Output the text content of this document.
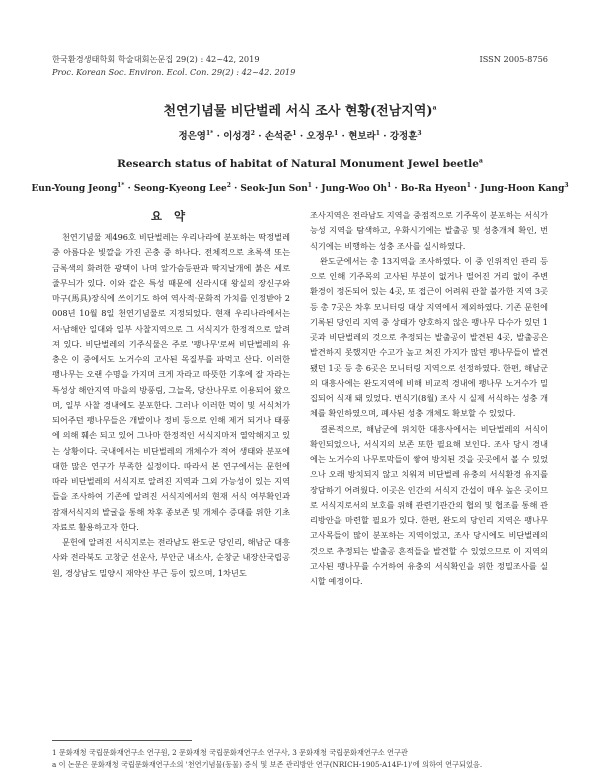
한국환경생태학회 학술대회논문집 29(2) : 42~42, 2019
Proc. Korean Soc. Environ. Ecol. Con. 29(2) : 42~42. 2019
ISSN 2005-8756
천연기념물 비단벌레 서식 조사 현황(전남지역)$^a$
정은영$^{1*}$ · 이성경$^2$ · 손석준$^1$ · 오정우$^1$ · 현보라$^1$ · 강정훈$^3$
Research status of habitat of Natural Monument Jewel beetle$^a$
Eun-Young Jeong$^{1*}$ · Seong-Kyeong Lee$^2$ · Seok-Jun Son$^1$ · Jung-Woo $Oh^1 \cdot Bo-Ra$ Hyeon$^1$ · Jung-Hoon Kang$^3$
요 약

천연기념물 제496호 비단벌레는 우리나라에 분포하는 딱정벌레 중 아름다운 빛깔을 가진 곤충 중 하나다. 전체적으로 초록색 또는 금록색의 화려한 광택이 나며 앞가슴등판과 딱지날개에 붉은 세로줄무늬가 있다. 이와 같은 특성 때문에 신라시대 왕실의 장신구와 마구(馬具)장식에 쓰이기도 하여 역사적·문화적 가치를 인정받아 2008년 10월 8일 천연기념물로 지정되었다. 현재 우리나라에서는 서·남해안 일대와 일부 사찰지역으로 그 서식지가 한정적으로 알려져 있다. 비단벌레의 기주식물은 주로 '팽나무'로써 비단벌레의 유충은 이 중에서도 노거수의 고사된 목질부를 파먹고 산다. 이러한 팽나무는 오랜 수명을 가지며 크게 자라고 따뜻한 기후에 잘 자라는 특성상 해안지역 마을의 방풍림, 그늘목, 당산나무로 이용되어 왔으며, 일부 사찰 경내에도 분포한다. 그러나 이러한 먹이 및 서식처가 되어주던 팽나무들은 개발이나 정비 등으로 인해 제거 되거나 태풍에 의해 훼손 되고 있어 그나마 한정적인 서식지마저 열악해지고 있는 상황이다. 국내에서는 비단벌레의 개체수가 적어 생태와 분포에 대한 많은 연구가 부족한 실정이다. 따라서 본 연구에서는 문헌에 따라 비단벌레의 서식지로 알려진 지역과 그외 가능성이 있는 지역들을 조사하여 기존에 알려진 서식지에서의 현재 서식 여부확인과 잠재서식지의 발굴을 통해 차후 종보존 및 개체수 증대를 위한 기초자료로 활용하고자 한다.

문헌에 알려진 서식지로는 전라남도 완도군 당인리, 해남군 대흥사와 전라북도 고창군 선운사, 부안군 내소사, 순창군 내장산국립공원, 경상남도 밀양시 재약산 부근 등이 있으며, 1차년도

조사지역은 전라남도 지역을 중점적으로 기주목이 분포하는 서식가능성 지역을 탐색하고, 우화시기에는 발출공 및 성충개체 확인, 번식기에는 비행하는 성충 조사를 실시하였다.

완도군에서는 총 13지역을 조사하였다. 이 중 인위적인 관리 등으로 인해 기주목의 고사된 부분이 없거나 떨어진 거리 없이 주변 환경이 정돈되어 있는 4곳, 또 접근이 어려워 관찰 불가한 지역 3곳 등 총 7곳은 차후 모니터링 대상 지역에서 제외하였다. 기존 문헌에 기록된 당인리 지역 중 상태가 양호하지 않은 팽나무 다수가 있던 1곳과 비단벌레의 것으로 추정되는 발출공이 발견된 4곳, 발출공은 발견하지 못했지만 수고가 높고 쳐진 가지가 많던 팽나무들이 발견됐던 1곳 등 총 6곳은 모니터링 지역으로 선정하였다. 한편, 해남군의 대흥사에는 완도지역에 비해 비교적 경내에 팽나무 노거수가 밀집되어 식재 돼 있었다. 번식기(8월) 조사 시 실제 서식하는 성충 개체를 확인하였으며, 폐사된 성충 개체도 확보할 수 있었다.

결론적으로, 해남군에 위치한 대흥사에서는 비단벌레의 서식이 확인되었으나, 서식지의 보존 또한 필요해 보인다. 조사 당시 경내에는 노거수의 나무토막들이 쌓여 방치된 것을 곳곳에서 볼 수 있었으나 오래 방치되지 않고 치워져 비단벌레 유충의 서식환경 유지를 장담하기 어려웠다. 이곳은 인간의 서식지 간섭이 매우 높은 곳이므로 서식지로서의 보호를 위해 관련기관간의 협의 및 협조를 통해 관리방안을 마련할 필요가 있다. 한편, 완도의 당인리 지역은 팽나무 고사목들이 많이 분포하는 지역이었고, 조사 당시에도 비단벌레의 것으로 추정되는 발출공 흔적들을 발견할 수 있었으므로 이 지역의 고사된 팽나무를 수거하여 유충의 서식확인을 위한 정밀조사를 실시할 예정이다.

1 문화재청 국립문화재연구소 연구원, 2 문화재청 국립문화재연구소 연구사, 3 문화재청 국립문화재연구소 연구관
a 이 논문은 문화재청 국립문화재연구소의 '천연기념물(동물) 증식 및 보존 관리방안 연구(NRICH-1905-A14F-1)'에 의하여 연구되었음.
